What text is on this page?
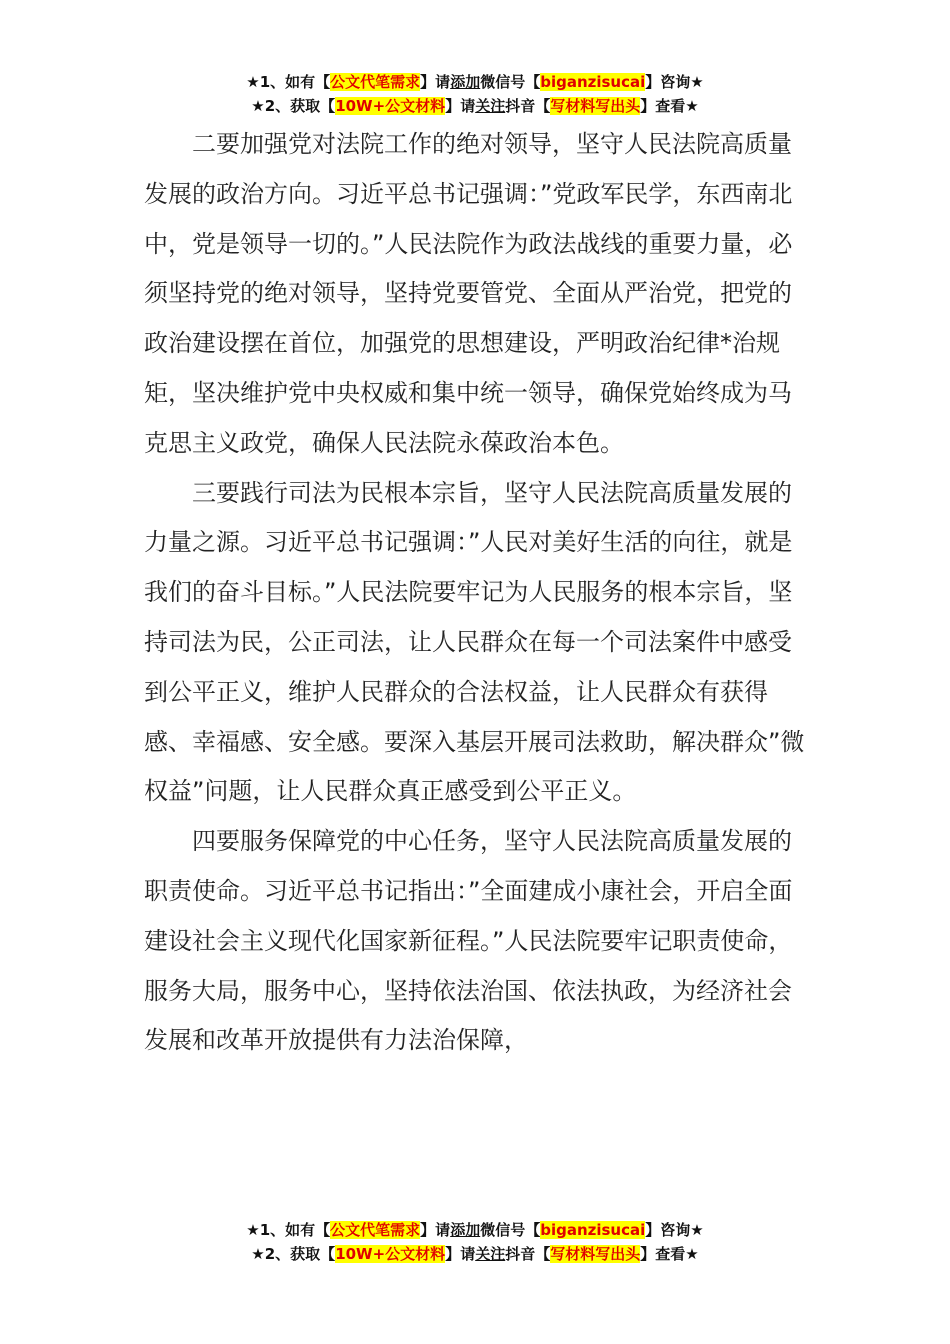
★1、如有【公文代笔需求】请添加微信号【biganzisucai】咨询★
★2、获取【10W+公文材料】请关注抖音【写材料写出头】查看★

二要加强党对法院工作的绝对领导，坚守人民法院高质量发展的政治方向。习近平总书记强调：”党政军民学，东西南北中，党是领导一切的。”人民法院作为政法战线的重要力量，必须坚持党的绝对领导，坚持党要管党、全面从严治党，把党的政治建设摆在首位，加强党的思想建设，严明政治纪律*治规矩，坚决维护党中央权威和集中统一领导，确保党始终成为马克思主义政党，确保人民法院永葆政治本色。

三要践行司法为民根本宗旨，坚守人民法院高质量发展的力量之源。习近平总书记强调：”人民对美好生活的向往，就是我们的奋斗目标。”人民法院要牢记为人民服务的根本宗旨，坚持司法为民，公正司法，让人民群众在每一个司法案件中感受到公平正义，维护人民群众的合法权益，让人民群众有获得感、幸福感、安全感。要深入基层开展司法救助，解决群众”微权益”问题，让人民群众真正感受到公平正义。

四要服务保障党的中心任务，坚守人民法院高质量发展的职责使命。习近平总书记指出：”全面建成小康社会，开启全面建设社会主义现代化国家新征程。”人民法院要牢记职责使命，服务大局，服务中心，坚持依法治国、依法执政，为经济社会发展和改革开放提供有力法治保障，

★1、如有【公文代笔需求】请添加微信号【biganzisucai】咨询★
★2、获取【10W+公文材料】请关注抖音【写材料写出头】查看★
